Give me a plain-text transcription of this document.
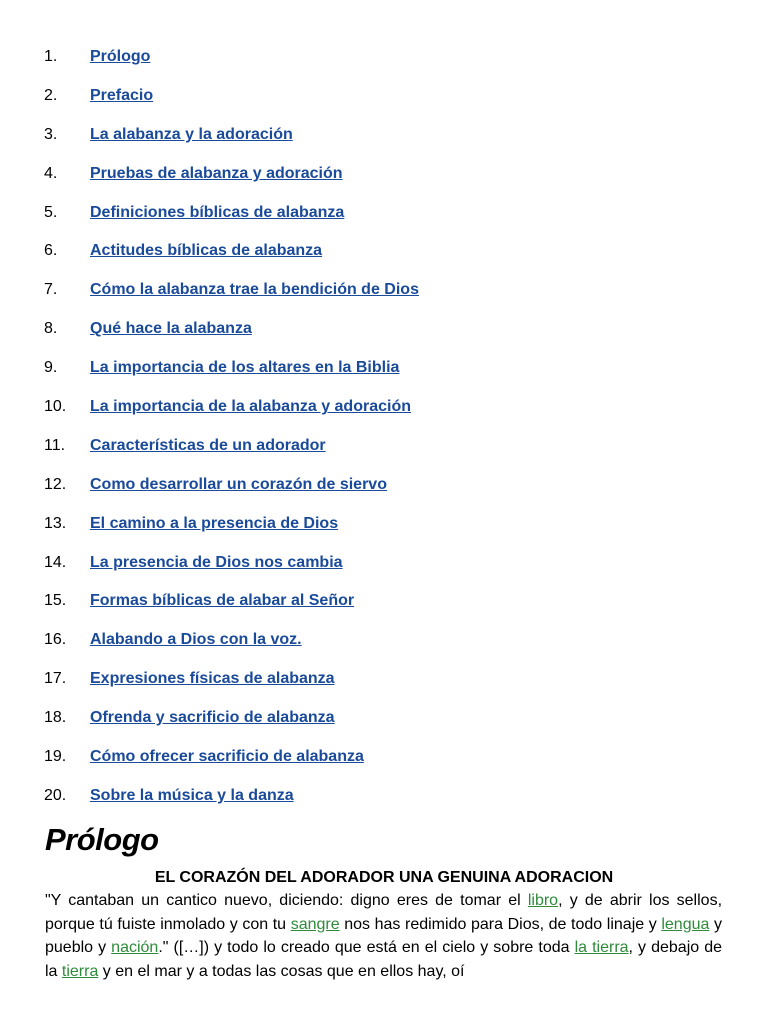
1. Prólogo
2. Prefacio
3. La alabanza y la adoración
4. Pruebas de alabanza y adoración
5. Definiciones bíblicas de alabanza
6. Actitudes bíblicas de alabanza
7. Cómo la alabanza trae la bendición de Dios
8. Qué hace la alabanza
9. La importancia de los altares en la Biblia
10. La importancia de la alabanza y adoración
11. Características de un adorador
12. Como desarrollar un corazón de siervo
13. El camino a la presencia de Dios
14. La presencia de Dios nos cambia
15. Formas bíblicas de alabar al Señor
16. Alabando a Dios con la voz.
17. Expresiones físicas de alabanza
18. Ofrenda y sacrificio de alabanza
19. Cómo ofrecer sacrificio de alabanza
20. Sobre la música y la danza
Prólogo
EL CORAZÓN DEL ADORADOR UNA GENUINA ADORACION

"Y cantaban un cantico nuevo, diciendo: digno eres de tomar el libro, y de abrir los sellos, porque tú fuiste inmolado y con tu sangre nos has redimido para Dios, de todo linaje y lengua y pueblo y nación." ([…]) y todo lo creado que está en el cielo y sobre toda la tierra, y debajo de la tierra y en el mar y a todas las cosas que en ellos hay, oí
